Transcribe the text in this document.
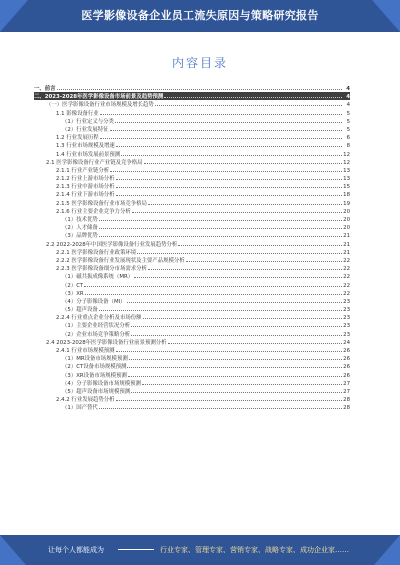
医学影像设备企业员工流失原因与策略研究报告
内容目录
一、前言	4
二、2023-2028年医学影像设备市场前景及趋势预测	4
（一）医学影像设备行业市场规模及增长趋势	4
1.1 影像设备行业	5
（1）行业定义与分类	5
（2）行业发展特征	5
1.2 行业发展历程	6
1.3 行业市场规模及增速	8
1.4 行业市场发展前景预测	12
2.1 医学影像设备行业产业链及竞争格局	12
2.1.1 行业产业链分析	13
2.1.2 行业上游市场分析	13
2.1.3 行业中游市场分析	15
2.1.4 行业下游市场分析	18
2.1.5 医学影像设备行业市场竞争格局	19
2.1.6 行业主要企业竞争力分析	20
（1）技术优势	20
（2）人才储备	20
（3）品牌优势	21
2.2 2022-2028年中国医学影像设备行业发展趋势分析	21
2.2.1 医学影像设备行业政策环境	21
2.2.2 医学影像设备行业发展现状及主要产品规模分析	22
2.2.3 医学影像设备细分市场需求分析	22
（1）磁共振成像系统（MR）	22
（2）CT	22
（3）XR	22
（4）分子影像设备（MI）	23
（5）超声设备	23
2.2.4 行业重点企业分析及市场份额	23
（1）主要企业经营状况分析	23
（2）企业市场竞争策略分析	23
2.4 2023-2028年医学影像设备行业前景预测分析	24
2.4.1 行业市场规模预测	26
（1）MR设备市场规模预测	26
（2）CT设备市场规模预测	26
（3）XR设备市场规模预测	26
（4）分子影像设备市场规模预测	27
（5）超声设备市场规模预测	27
2.4.2 行业发展趋势分析	28
（1）国产替代	28
让每个人都能成为	行业专家、管理专家、营销专家、战略专家、成功企业家……
